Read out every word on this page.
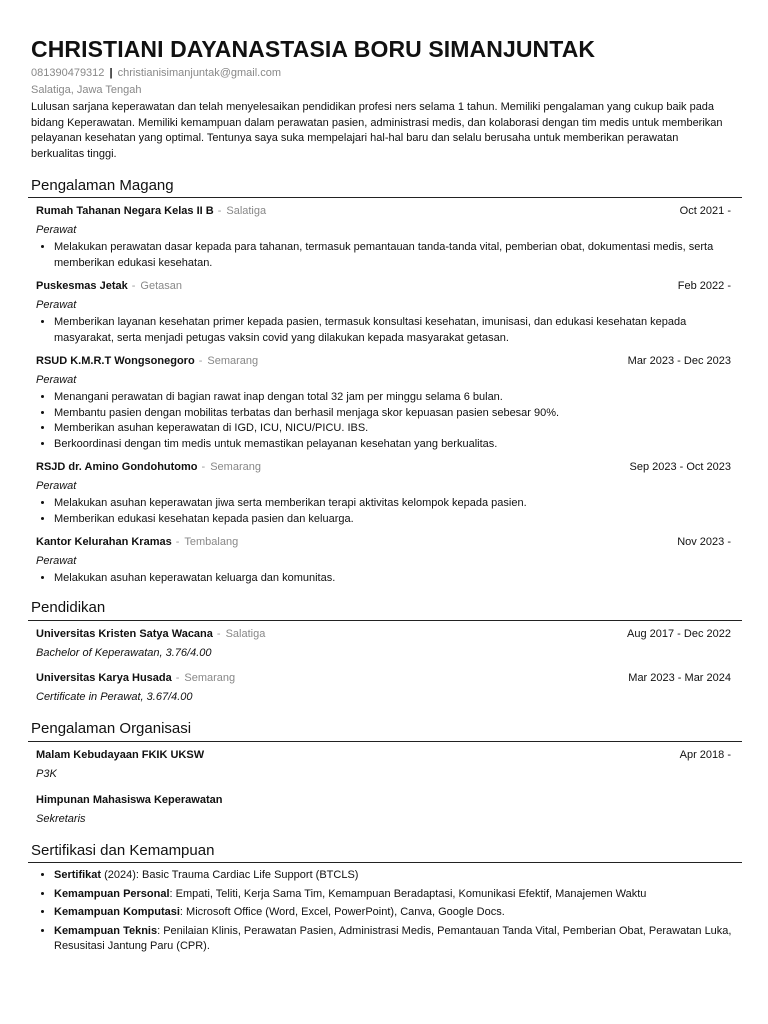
CHRISTIANI DAYANASTASIA BORU SIMANJUNTAK
081390479312 | christianisimanjuntak@gmail.com
Salatiga, Jawa Tengah

Lulusan sarjana keperawatan dan telah menyelesaikan pendidikan profesi ners selama 1 tahun. Memiliki pengalaman yang cukup baik pada bidang Keperawatan. Memiliki kemampuan dalam perawatan pasien, administrasi medis, dan kolaborasi dengan tim medis untuk memberikan pelayanan kesehatan yang optimal. Tentunya saya suka mempelajari hal-hal baru dan selalu berusaha untuk memberikan perawatan berkualitas tinggi.

Pengalaman Magang
Rumah Tahanan Negara Kelas II B - Salatiga	Oct 2021 -
Perawat
• Melakukan perawatan dasar kepada para tahanan, termasuk pemantauan tanda-tanda vital, pemberian obat, dokumentasi medis, serta memberikan edukasi kesehatan.
Puskesmas Jetak - Getasan	Feb 2022 -
Perawat
• Memberikan layanan kesehatan primer kepada pasien, termasuk konsultasi kesehatan, imunisasi, dan edukasi kesehatan kepada masyarakat, serta menjadi petugas vaksin covid yang dilakukan kepada masyarakat getasan.
RSUD K.M.R.T Wongsonegoro - Semarang	Mar 2023 - Dec 2023
Perawat
• Menangani perawatan di bagian rawat inap dengan total 32 jam per minggu selama 6 bulan.
• Membantu pasien dengan mobilitas terbatas dan berhasil menjaga skor kepuasan pasien sebesar 90%.
• Memberikan asuhan keperawatan di IGD, ICU, NICU/PICU. IBS.
• Berkoordinasi dengan tim medis untuk memastikan pelayanan kesehatan yang berkualitas.
RSJD dr. Amino Gondohutomo - Semarang	Sep 2023 - Oct 2023
Perawat
• Melakukan asuhan keperawatan jiwa serta memberikan terapi aktivitas kelompok kepada pasien.
• Memberikan edukasi kesehatan kepada pasien dan keluarga.
Kantor Kelurahan Kramas - Tembalang	Nov 2023 -
Perawat
• Melakukan asuhan keperawatan keluarga dan komunitas.
Pendidikan
Universitas Kristen Satya Wacana - Salatiga	Aug 2017 - Dec 2022
Bachelor of Keperawatan, 3.76/4.00
Universitas Karya Husada - Semarang	Mar 2023 - Mar 2024
Certificate in Perawat, 3.67/4.00
Pengalaman Organisasi
Malam Kebudayaan FKIK UKSW	Apr 2018 -
P3K
Himpunan Mahasiswa Keperawatan
Sekretaris
Sertifikasi dan Kemampuan
• Sertifikat (2024): Basic Trauma Cardiac Life Support (BTCLS)
• Kemampuan Personal: Empati, Teliti, Kerja Sama Tim, Kemampuan Beradaptasi, Komunikasi Efektif, Manajemen Waktu
• Kemampuan Komputasi: Microsoft Office (Word, Excel, PowerPoint), Canva, Google Docs.
• Kemampuan Teknis: Penilaian Klinis, Perawatan Pasien, Administrasi Medis, Pemantauan Tanda Vital, Pemberian Obat, Perawatan Luka, Resusitasi Jantung Paru (CPR).
